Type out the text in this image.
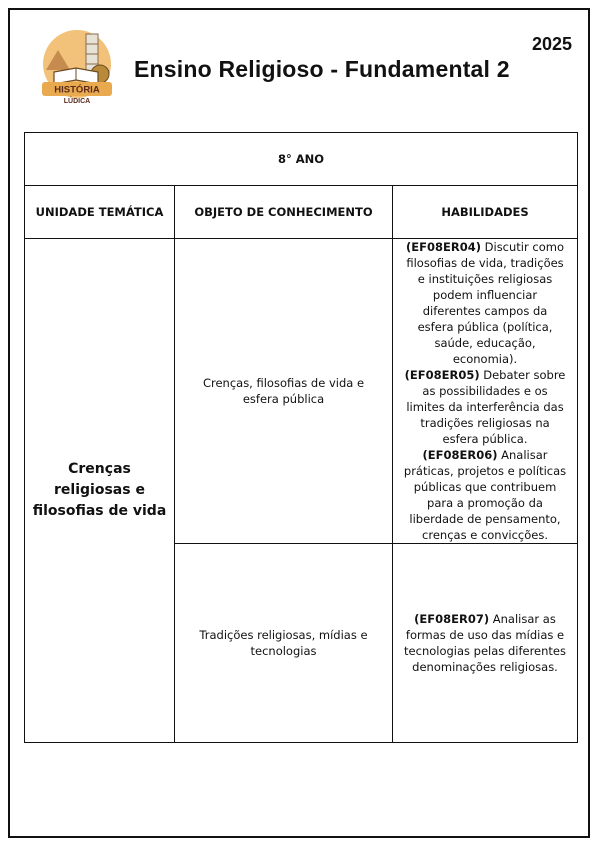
HISTÓRIA
LÚDICA
2025
Ensino Religioso - Fundamental 2
8° ANO		
UNIDADE TEMÁTICA	OBJETO DE CONHECIMENTO	HABILIDADES
Crenças religiosas e filosofias de vida	Crenças, filosofias de vida e esfera pública	(EF08ER04) Discutir como filosofias de vida, tradições e instituições religiosas podem influenciar diferentes campos da esfera pública (política, saúde, educação, economia).

(EF08ER05) Debater sobre as possibilidades e os limites da interferência das tradições religiosas na esfera pública.

(EF08ER06) Analisar práticas, projetos e políticas públicas que contribuem para a promoção da liberdade de pensamento, crenças e convicções.

	Tradições religiosas, mídias e tecnologias	(EF08ER07) Analisar as formas de uso das mídias e tecnologias pelas diferentes denominações religiosas.
